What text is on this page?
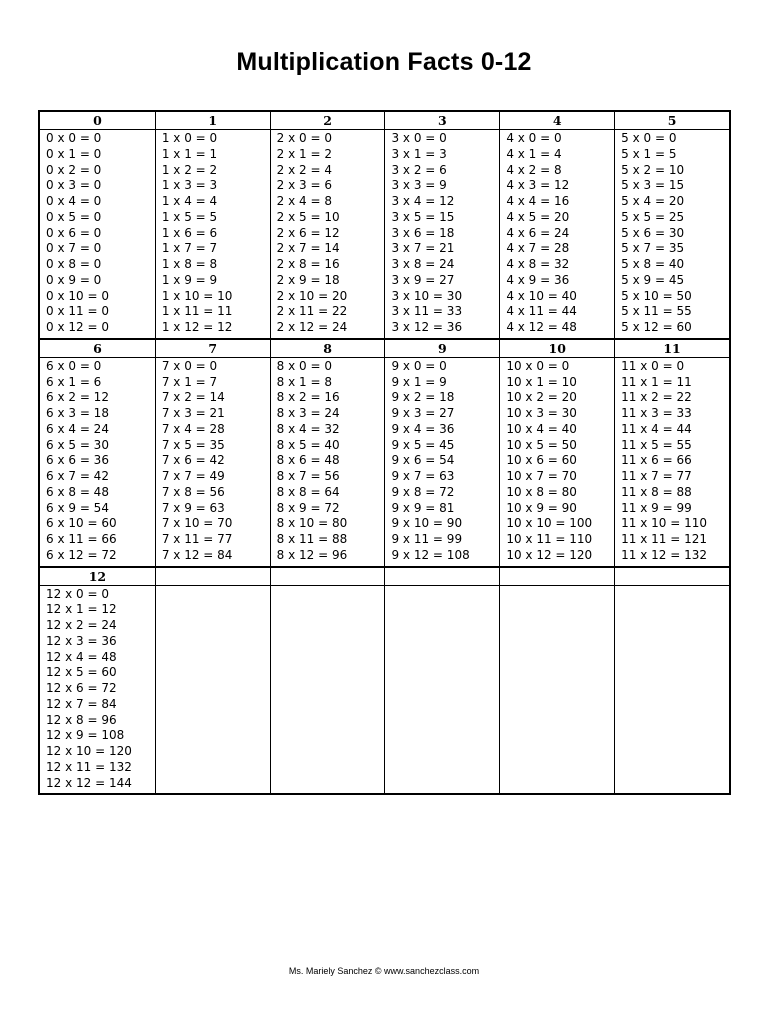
Multiplication Facts 0-12
0
0 x 0 = 0
0 x 1 = 0
0 x 2 = 0
0 x 3 = 0
0 x 4 = 0
0 x 5 = 0
0 x 6 = 0
0 x 7 = 0
0 x 8 = 0
0 x 9 = 0
0 x 10 = 0
0 x 11 = 0
0 x 12 = 0
1
1 x 0 = 0
1 x 1 = 1
1 x 2 = 2
1 x 3 = 3
1 x 4 = 4
1 x 5 = 5
1 x 6 = 6
1 x 7 = 7
1 x 8 = 8
1 x 9 = 9
1 x 10 = 10
1 x 11 = 11
1 x 12 = 12
2
2 x 0 = 0
2 x 1 = 2
2 x 2 = 4
2 x 3 = 6
2 x 4 = 8
2 x 5 = 10
2 x 6 = 12
2 x 7 = 14
2 x 8 = 16
2 x 9 = 18
2 x 10 = 20
2 x 11 = 22
2 x 12 = 24
3
3 x 0 = 0
3 x 1 = 3
3 x 2 = 6
3 x 3 = 9
3 x 4 = 12
3 x 5 = 15
3 x 6 = 18
3 x 7 = 21
3 x 8 = 24
3 x 9 = 27
3 x 10 = 30
3 x 11 = 33
3 x 12 = 36
4
4 x 0 = 0
4 x 1 = 4
4 x 2 = 8
4 x 3 = 12
4 x 4 = 16
4 x 5 = 20
4 x 6 = 24
4 x 7 = 28
4 x 8 = 32
4 x 9 = 36
4 x 10 = 40
4 x 11 = 44
4 x 12 = 48
5
5 x 0 = 0
5 x 1 = 5
5 x 2 = 10
5 x 3 = 15
5 x 4 = 20
5 x 5 = 25
5 x 6 = 30
5 x 7 = 35
5 x 8 = 40
5 x 9 = 45
5 x 10 = 50
5 x 11 = 55
5 x 12 = 60
6
6 x 0 = 0
6 x 1 = 6
6 x 2 = 12
6 x 3 = 18
6 x 4 = 24
6 x 5 = 30
6 x 6 = 36
6 x 7 = 42
6 x 8 = 48
6 x 9 = 54
6 x 10 = 60
6 x 11 = 66
6 x 12 = 72
7
7 x 0 = 0
7 x 1 = 7
7 x 2 = 14
7 x 3 = 21
7 x 4 = 28
7 x 5 = 35
7 x 6 = 42
7 x 7 = 49
7 x 8 = 56
7 x 9 = 63
7 x 10 = 70
7 x 11 = 77
7 x 12 = 84
8
8 x 0 = 0
8 x 1 = 8
8 x 2 = 16
8 x 3 = 24
8 x 4 = 32
8 x 5 = 40
8 x 6 = 48
8 x 7 = 56
8 x 8 = 64
8 x 9 = 72
8 x 10 = 80
8 x 11 = 88
8 x 12 = 96
9
9 x 0 = 0
9 x 1 = 9
9 x 2 = 18
9 x 3 = 27
9 x 4 = 36
9 x 5 = 45
9 x 6 = 54
9 x 7 = 63
9 x 8 = 72
9 x 9 = 81
9 x 10 = 90
9 x 11 = 99
9 x 12 = 108
10
10 x 0 = 0
10 x 1 = 10
10 x 2 = 20
10 x 3 = 30
10 x 4 = 40
10 x 5 = 50
10 x 6 = 60
10 x 7 = 70
10 x 8 = 80
10 x 9 = 90
10 x 10 = 100
10 x 11 = 110
10 x 12 = 120
11
11 x 0 = 0
11 x 1 = 11
11 x 2 = 22
11 x 3 = 33
11 x 4 = 44
11 x 5 = 55
11 x 6 = 66
11 x 7 = 77
11 x 8 = 88
11 x 9 = 99
11 x 10 = 110
11 x 11 = 121
11 x 12 = 132
12
12 x 0 = 0
12 x 1 = 12
12 x 2 = 24
12 x 3 = 36
12 x 4 = 48
12 x 5 = 60
12 x 6 = 72
12 x 7 = 84
12 x 8 = 96
12 x 9 = 108
12 x 10 = 120
12 x 11 = 132
12 x 12 = 144
Ms. Mariely Sanchez © www.sanchezclass.com
